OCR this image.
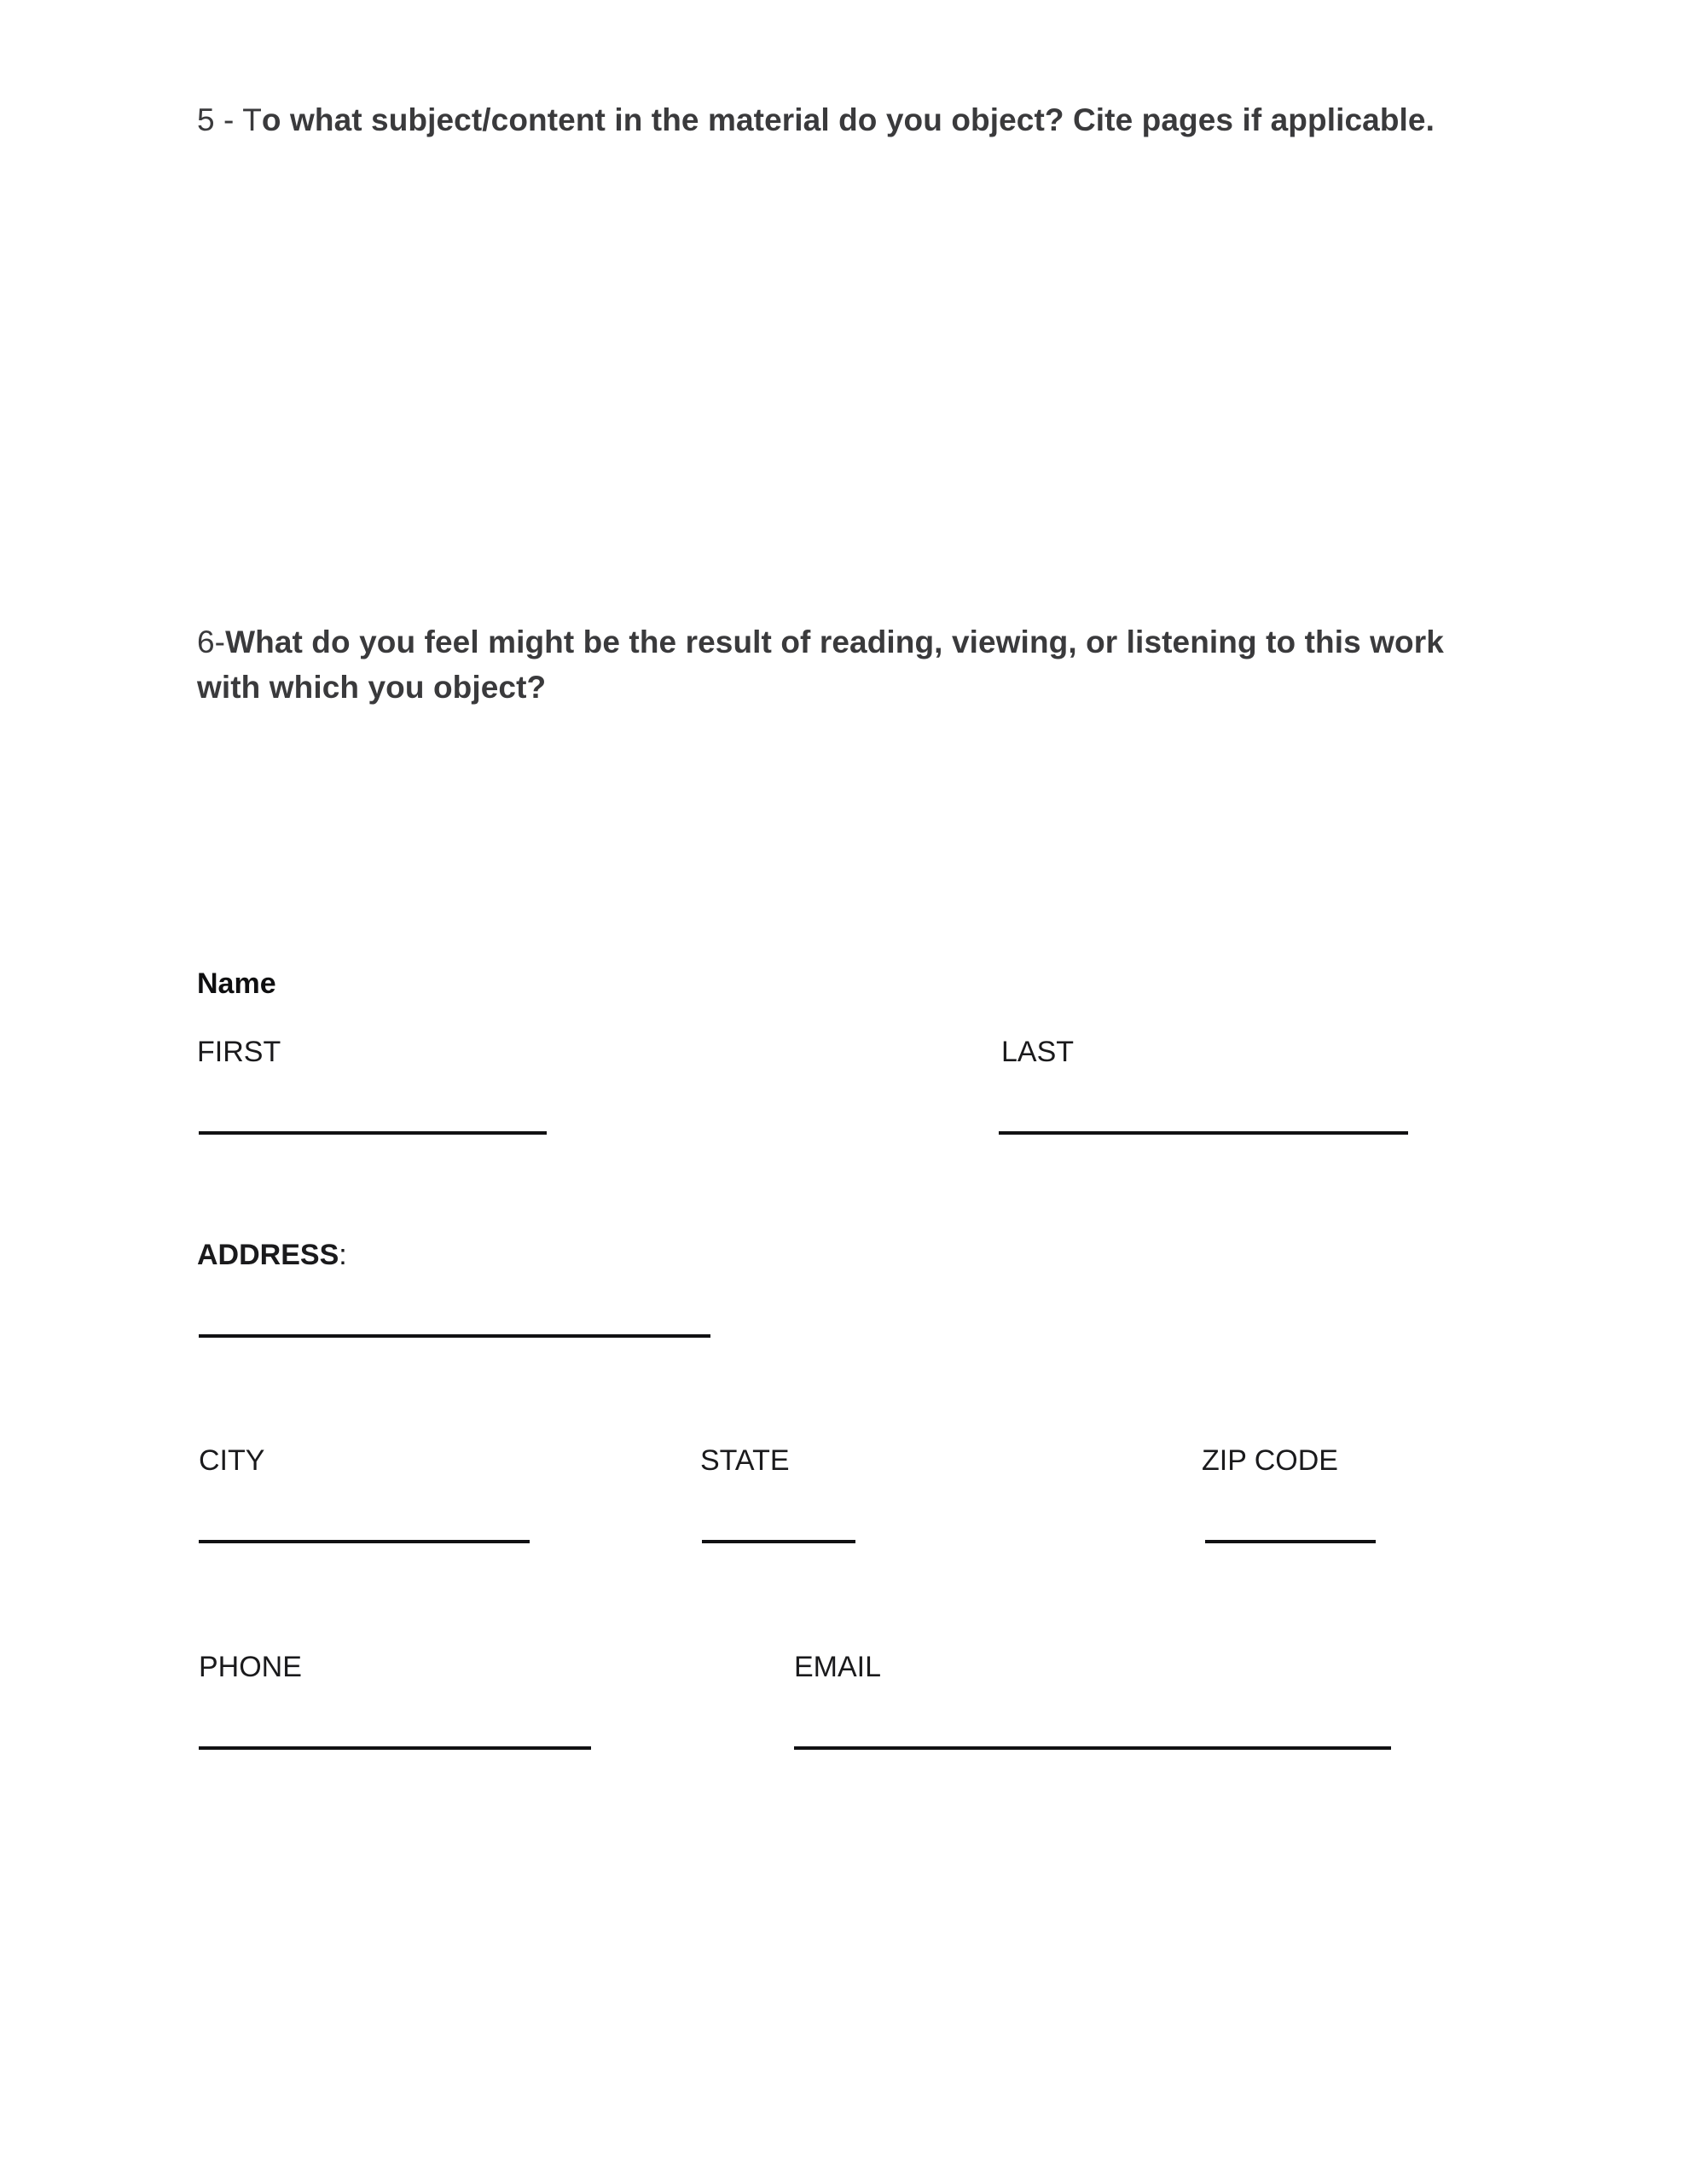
5 - To what subject/content in the material do you object? Cite pages if applicable.

6-What do you feel might be the result of reading, viewing, or listening to this work with which you object?

Name
FIRST	LAST
ADDRESS:
CITY	STATE	ZIP CODE
PHONE	EMAIL
